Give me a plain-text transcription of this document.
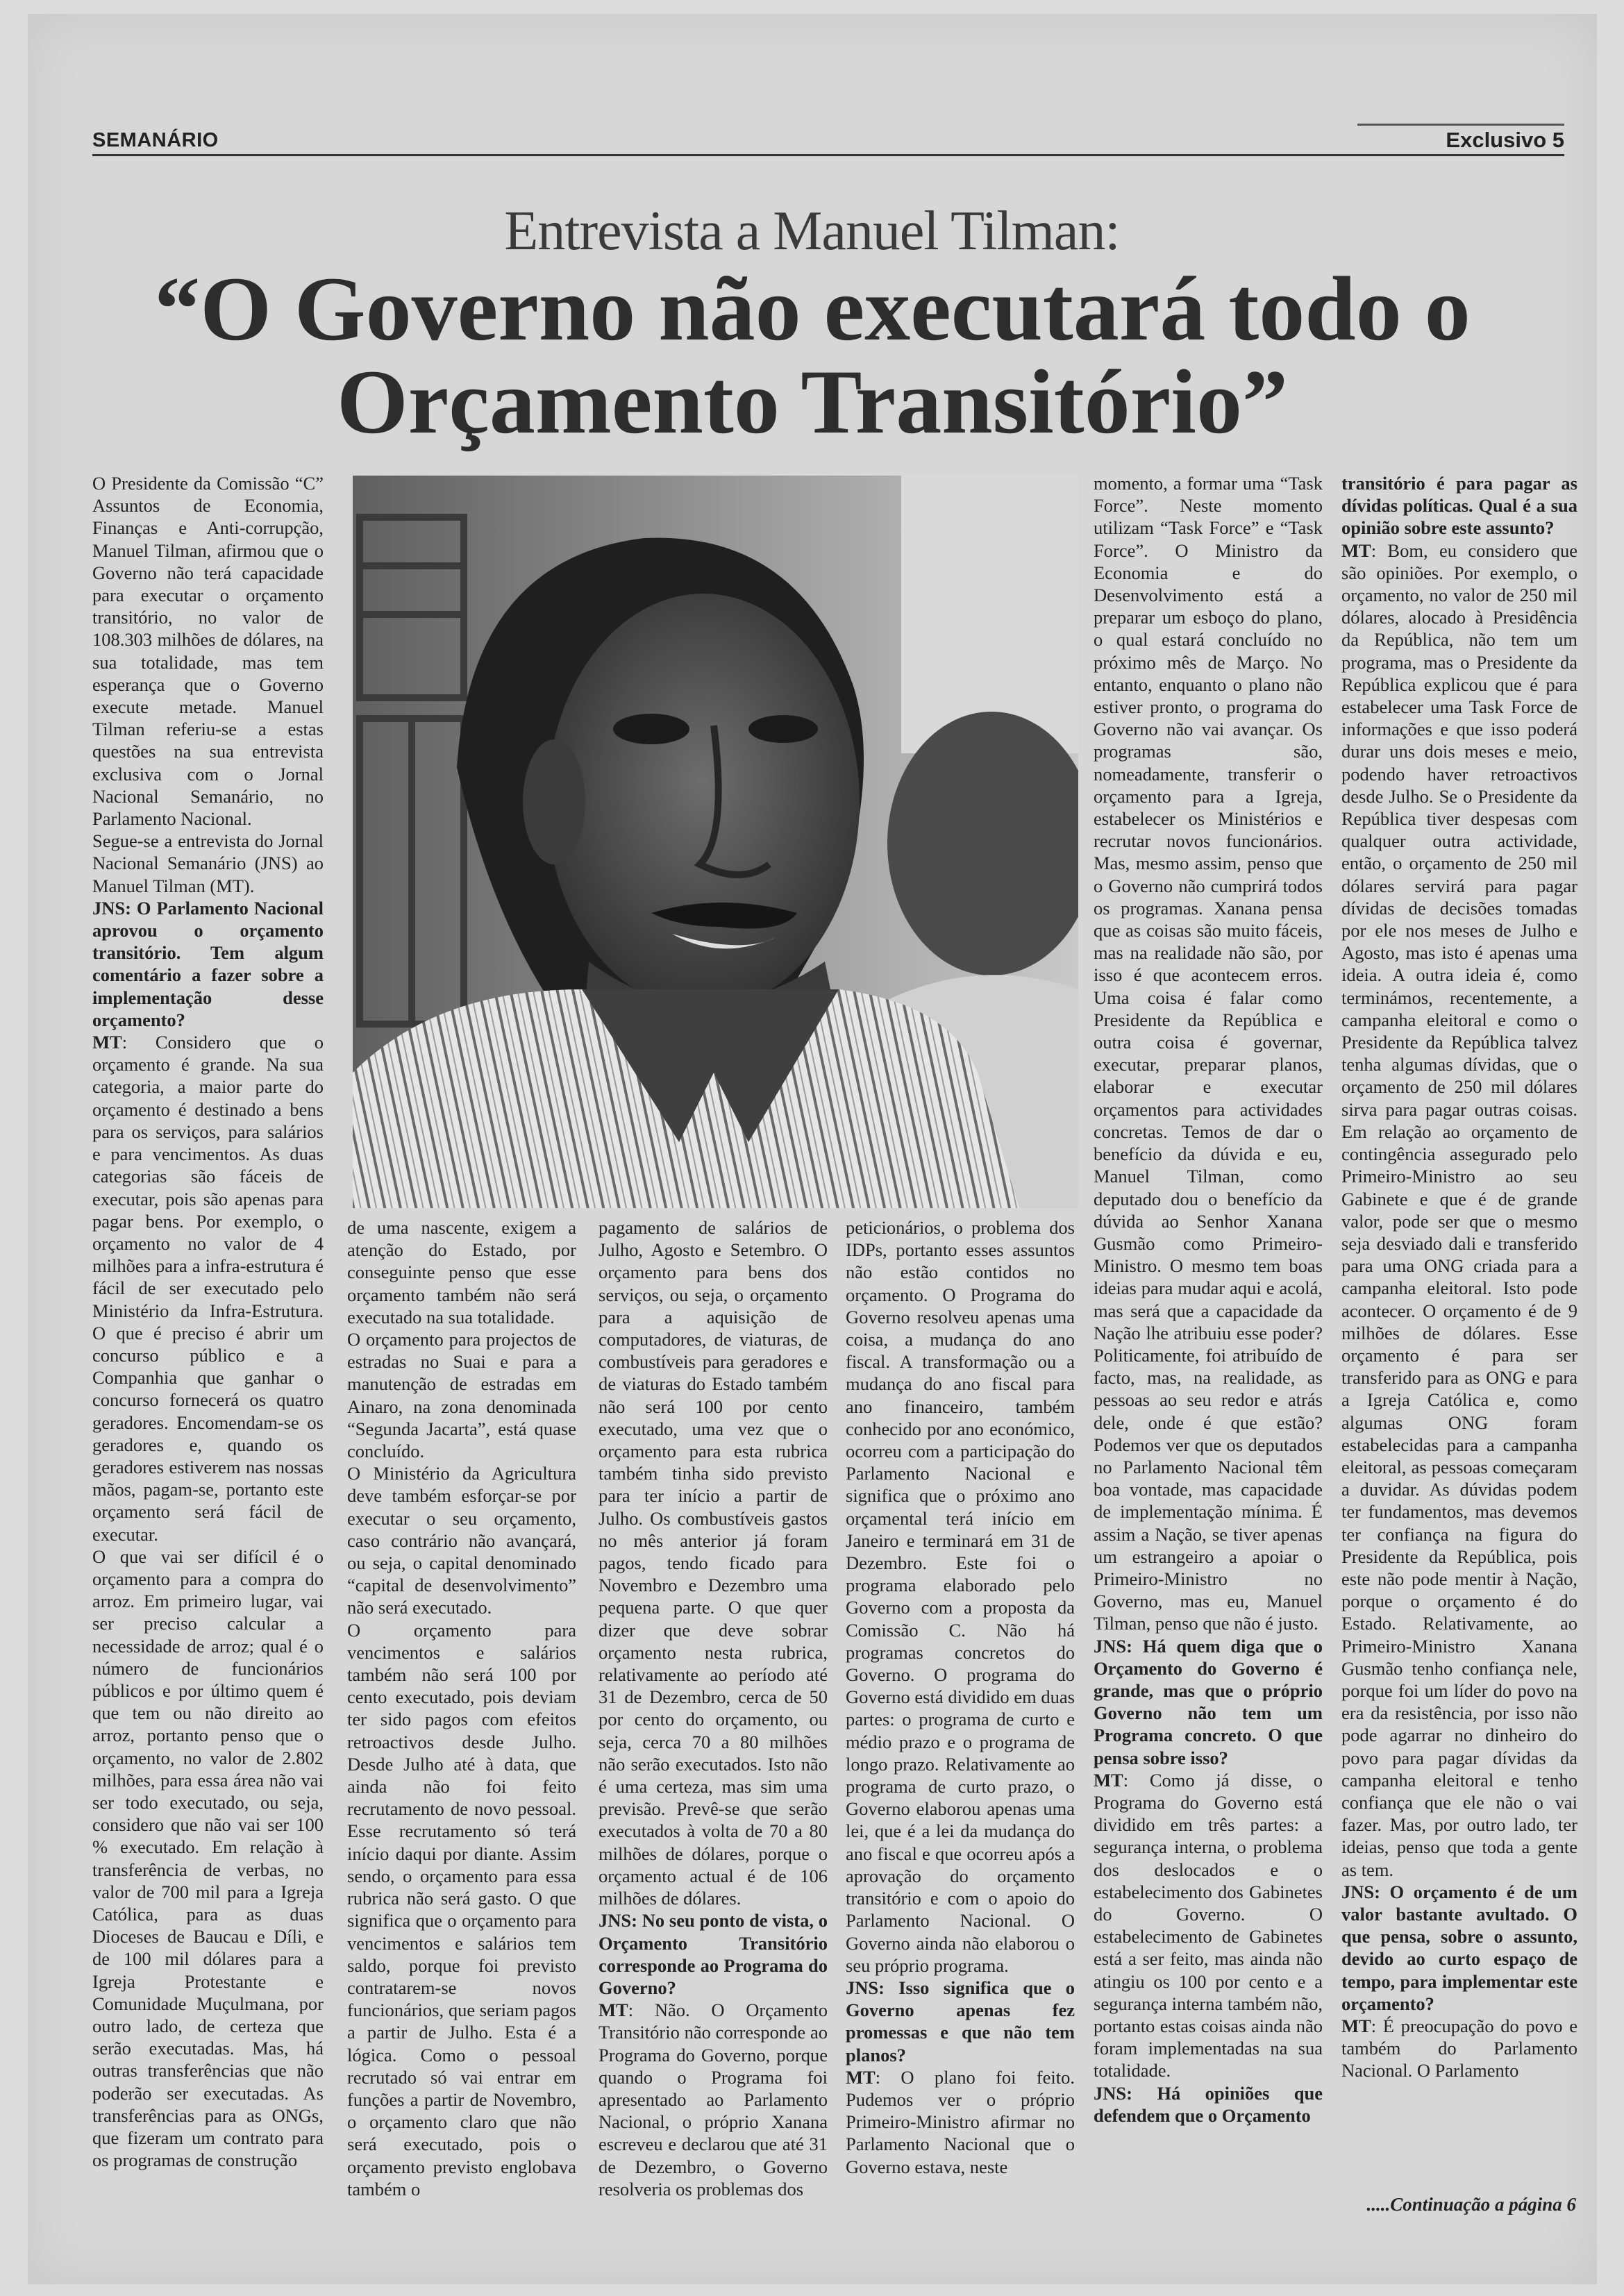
SEMANÁRIO	Exclusivo 5
Entrevista a Manuel Tilman:
“O Governo não executará todo o Orçamento Transitório”

O Presidente da Comissão “C” Assuntos de Economia, Finanças e Anti-corrupção, Manuel Tilman, afirmou que o Governo não terá capacidade para executar o orçamento transitório, no valor de 108.303 milhões de dólares, na sua totalidade, mas tem esperança que o Governo execute metade. Manuel Tilman referiu-se a estas questões na sua entrevista exclusiva com o Jornal Nacional Semanário, no Parlamento Nacional.

Segue-se a entrevista do Jornal Nacional Semanário (JNS) ao Manuel Tilman (MT).

JNS: O Parlamento Nacional aprovou o orçamento transitório. Tem algum comentário a fazer sobre a implementação desse orçamento?

MT: Considero que o orçamento é grande. Na sua categoria, a maior parte do orçamento é destinado a bens para os serviços, para salários e para vencimentos. As duas categorias são fáceis de executar, pois são apenas para pagar bens. Por exemplo, o orçamento no valor de 4 milhões para a infra-estrutura é fácil de ser executado pelo Ministério da Infra-Estrutura. O que é preciso é abrir um concurso público e a Companhia que ganhar o concurso fornecerá os quatro geradores. Encomendam-se os geradores e, quando os geradores estiverem nas nossas mãos, pagam-se, portanto este orçamento será fácil de executar.

O que vai ser difícil é o orçamento para a compra do arroz. Em primeiro lugar, vai ser preciso calcular a necessidade de arroz; qual é o número de funcionários públicos e por último quem é que tem ou não direito ao arroz, portanto penso que o orçamento, no valor de 2.802 milhões, para essa área não vai ser todo executado, ou seja, considero que não vai ser 100 % executado. Em relação à transferência de verbas, no valor de 700 mil para a Igreja Católica, para as duas Dioceses de Baucau e Díli, e de 100 mil dólares para a Igreja Protestante e Comunidade Muçulmana, por outro lado, de certeza que serão executadas. Mas, há outras transferências que não poderão ser executadas. As transferências para as ONGs, que fizeram um contrato para os programas de construção

de uma nascente, exigem a atenção do Estado, por conseguinte penso que esse orçamento também não será executado na sua totalidade.

O orçamento para projectos de estradas no Suai e para a manutenção de estradas em Ainaro, na zona denominada “Segunda Jacarta”, está quase concluído.

O Ministério da Agricultura deve também esforçar-se por executar o seu orçamento, caso contrário não avançará, ou seja, o capital denominado “capital de desenvolvimento” não será executado.

O orçamento para vencimentos e salários também não será 100 por cento executado, pois deviam ter sido pagos com efeitos retroactivos desde Julho. Desde Julho até à data, que ainda não foi feito recrutamento de novo pessoal. Esse recrutamento só terá início daqui por diante. Assim sendo, o orçamento para essa rubrica não será gasto. O que significa que o orçamento para vencimentos e salários tem saldo, porque foi previsto contratarem-se novos funcionários, que seriam pagos a partir de Julho. Esta é a lógica. Como o pessoal recrutado só vai entrar em funções a partir de Novembro, o orçamento claro que não será executado, pois o orçamento previsto englobava também o

pagamento de salários de Julho, Agosto e Setembro. O orçamento para bens dos serviços, ou seja, o orçamento para a aquisição de computadores, de viaturas, de combustíveis para geradores e de viaturas do Estado também não será 100 por cento executado, uma vez que o orçamento para esta rubrica também tinha sido previsto para ter início a partir de Julho. Os combustíveis gastos no mês anterior já foram pagos, tendo ficado para Novembro e Dezembro uma pequena parte. O que quer dizer que deve sobrar orçamento nesta rubrica, relativamente ao período até 31 de Dezembro, cerca de 50 por cento do orçamento, ou seja, cerca 70 a 80 milhões não serão executados. Isto não é uma certeza, mas sim uma previsão. Prevê-se que serão executados à volta de 70 a 80 milhões de dólares, porque o orçamento actual é de 106 milhões de dólares.

JNS: No seu ponto de vista, o Orçamento Transitório corresponde ao Programa do Governo?

MT: Não. O Orçamento Transitório não corresponde ao Programa do Governo, porque quando o Programa foi apresentado ao Parlamento Nacional, o próprio Xanana escreveu e declarou que até 31 de Dezembro, o Governo resolveria os problemas dos

peticionários, o problema dos IDPs, portanto esses assuntos não estão contidos no orçamento. O Programa do Governo resolveu apenas uma coisa, a mudança do ano fiscal. A transformação ou a mudança do ano fiscal para ano financeiro, também conhecido por ano económico, ocorreu com a participação do Parlamento Nacional e significa que o próximo ano orçamental terá início em Janeiro e terminará em 31 de Dezembro. Este foi o programa elaborado pelo Governo com a proposta da Comissão C. Não há programas concretos do Governo. O programa do Governo está dividido em duas partes: o programa de curto e médio prazo e o programa de longo prazo. Relativamente ao programa de curto prazo, o Governo elaborou apenas uma lei, que é a lei da mudança do ano fiscal e que ocorreu após a aprovação do orçamento transitório e com o apoio do Parlamento Nacional. O Governo ainda não elaborou o seu próprio programa.

JNS: Isso significa que o Governo apenas fez promessas e que não tem planos?

MT: O plano foi feito. Pudemos ver o próprio Primeiro-Ministro afirmar no Parlamento Nacional que o Governo estava, neste

momento, a formar uma “Task Force”. Neste momento utilizam “Task Force” e “Task Force”. O Ministro da Economia e do Desenvolvimento está a preparar um esboço do plano, o qual estará concluído no próximo mês de Março. No entanto, enquanto o plano não estiver pronto, o programa do Governo não vai avançar. Os programas são, nomeadamente, transferir o orçamento para a Igreja, estabelecer os Ministérios e recrutar novos funcionários. Mas, mesmo assim, penso que o Governo não cumprirá todos os programas. Xanana pensa que as coisas são muito fáceis, mas na realidade não são, por isso é que acontecem erros. Uma coisa é falar como Presidente da República e outra coisa é governar, executar, preparar planos, elaborar e executar orçamentos para actividades concretas. Temos de dar o benefício da dúvida e eu, Manuel Tilman, como deputado dou o benefício da dúvida ao Senhor Xanana Gusmão como Primeiro-Ministro. O mesmo tem boas ideias para mudar aqui e acolá, mas será que a capacidade da Nação lhe atribuiu esse poder? Politicamente, foi atribuído de facto, mas, na realidade, as pessoas ao seu redor e atrás dele, onde é que estão? Podemos ver que os deputados no Parlamento Nacional têm boa vontade, mas capacidade de implementação mínima. É assim a Nação, se tiver apenas um estrangeiro a apoiar o Primeiro-Ministro no Governo, mas eu, Manuel Tilman, penso que não é justo.

JNS: Há quem diga que o Orçamento do Governo é grande, mas que o próprio Governo não tem um Programa concreto. O que pensa sobre isso?

MT: Como já disse, o Programa do Governo está dividido em três partes: a segurança interna, o problema dos deslocados e o estabelecimento dos Gabinetes do Governo. O estabelecimento de Gabinetes está a ser feito, mas ainda não atingiu os 100 por cento e a segurança interna também não, portanto estas coisas ainda não foram implementadas na sua totalidade.

JNS: Há opiniões que defendem que o Orçamento

transitório é para pagar as dívidas políticas. Qual é a sua opinião sobre este assunto?

MT: Bom, eu considero que são opiniões. Por exemplo, o orçamento, no valor de 250 mil dólares, alocado à Presidência da República, não tem um programa, mas o Presidente da República explicou que é para estabelecer uma Task Force de informações e que isso poderá durar uns dois meses e meio, podendo haver retroactivos desde Julho. Se o Presidente da República tiver despesas com qualquer outra actividade, então, o orçamento de 250 mil dólares servirá para pagar dívidas de decisões tomadas por ele nos meses de Julho e Agosto, mas isto é apenas uma ideia. A outra ideia é, como terminámos, recentemente, a campanha eleitoral e como o Presidente da República talvez tenha algumas dívidas, que o orçamento de 250 mil dólares sirva para pagar outras coisas. Em relação ao orçamento de contingência assegurado pelo Primeiro-Ministro ao seu Gabinete e que é de grande valor, pode ser que o mesmo seja desviado dali e transferido para uma ONG criada para a campanha eleitoral. Isto pode acontecer. O orçamento é de 9 milhões de dólares. Esse orçamento é para ser transferido para as ONG e para a Igreja Católica e, como algumas ONG foram estabelecidas para a campanha eleitoral, as pessoas começaram a duvidar. As dúvidas podem ter fundamentos, mas devemos ter confiança na figura do Presidente da República, pois este não pode mentir à Nação, porque o orçamento é do Estado. Relativamente, ao Primeiro-Ministro Xanana Gusmão tenho confiança nele, porque foi um líder do povo na era da resistência, por isso não pode agarrar no dinheiro do povo para pagar dívidas da campanha eleitoral e tenho confiança que ele não o vai fazer. Mas, por outro lado, ter ideias, penso que toda a gente as tem.

JNS: O orçamento é de um valor bastante avultado. O que pensa, sobre o assunto, devido ao curto espaço de tempo, para implementar este orçamento?

MT: É preocupação do povo e também do Parlamento Nacional. O Parlamento

.....Continuação a página 6
